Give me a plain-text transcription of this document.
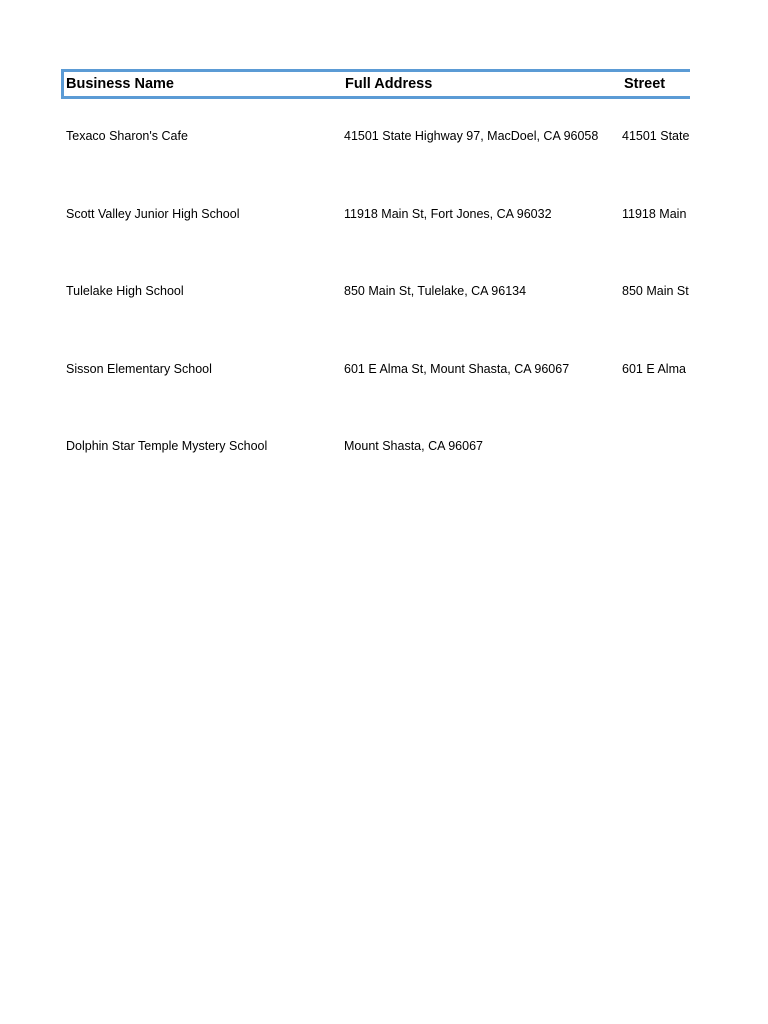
Business Name	Full Address	Street
Texaco Sharon's Cafe	41501 State Highway 97, MacDoel, CA 96058	41501 State
Scott Valley Junior High School	11918 Main St, Fort Jones, CA 96032	11918 Main
Tulelake High School	850 Main St, Tulelake, CA 96134	850 Main St
Sisson Elementary School	601 E Alma St, Mount Shasta, CA 96067	601 E Alma
Dolphin Star Temple Mystery School	Mount Shasta, CA 96067
